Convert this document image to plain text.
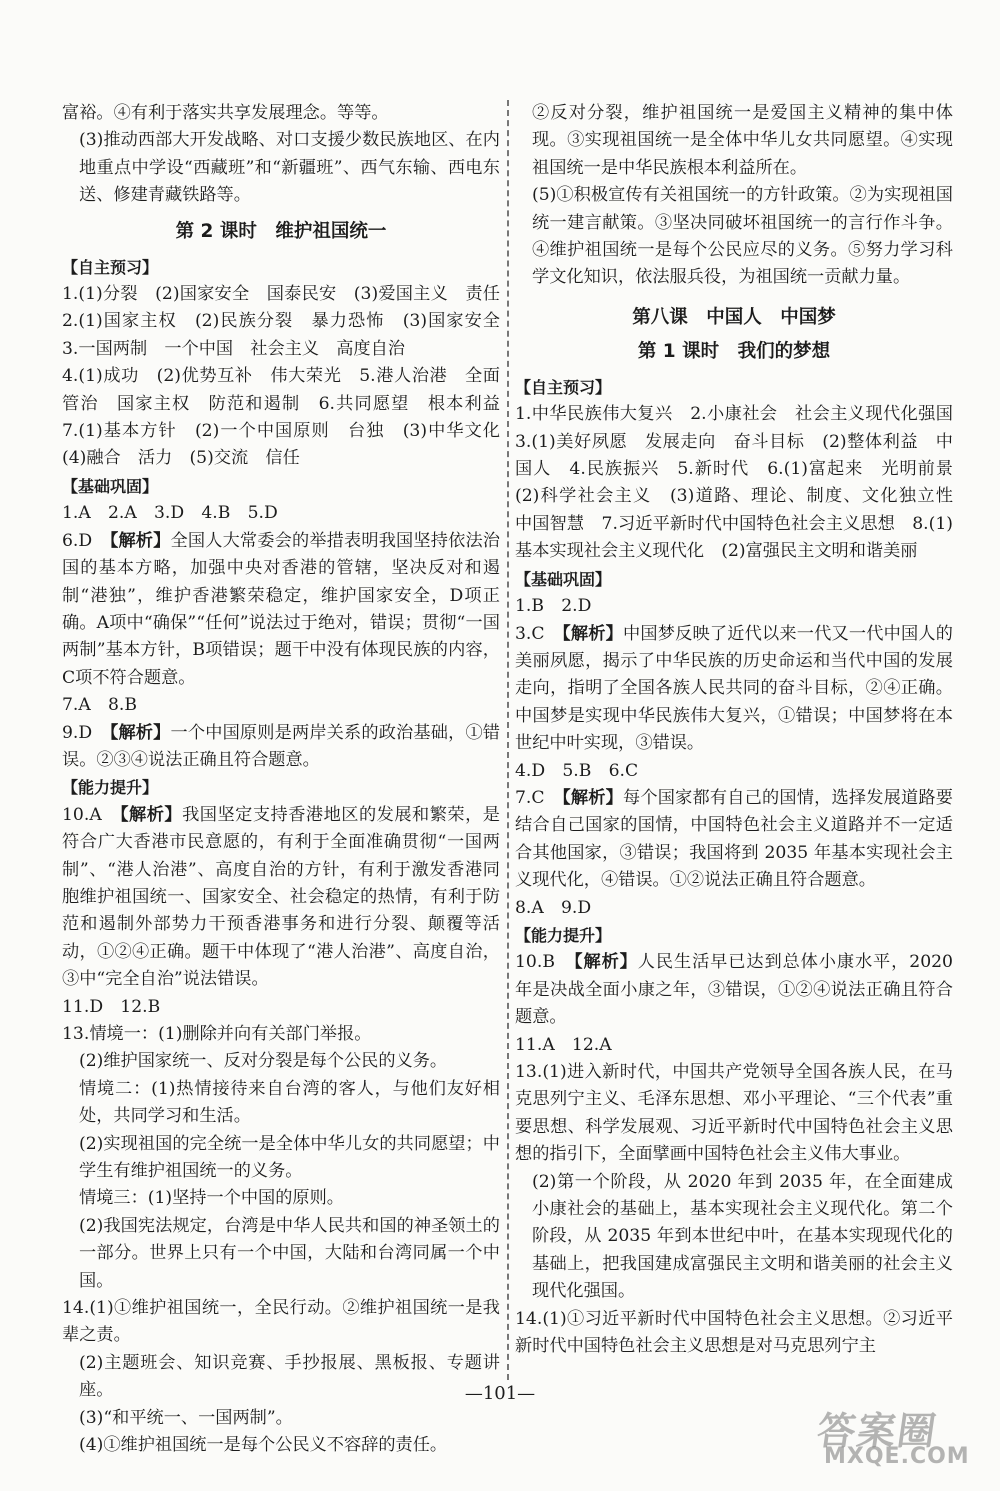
富裕。④有利于落实共享发展理念。等等。

(3)推动西部大开发战略、对口支援少数民族地区、在内地重点中学设“西藏班”和“新疆班”、西气东输、西电东送、修建青藏铁路等。

第 2 课时　维护祖国统一

【自主预习】

1.(1)分裂　(2)国家安全　国泰民安　(3)爱国主义　责任　2.(1)国家主权　(2)民族分裂　暴力恐怖　(3)国家安全　3.一国两制　一个中国　社会主义　高度自治

4.(1)成功　(2)优势互补　伟大荣光　5.港人治港　全面管治　国家主权　防范和遏制　6.共同愿望　根本利益　7.(1)基本方针　(2)一个中国原则　台独　(3)中华文化　(4)融合　活力　(5)交流　信任

【基础巩固】

1.A　2.A　3.D　4.B　5.D

6.D　【解析】全国人大常委会的举措表明我国坚持依法治国的基本方略，加强中央对香港的管辖，坚决反对和遏制“港独”，维护香港繁荣稳定，维护国家安全，D项正确。A项中“确保”“任何”说法过于绝对，错误；贯彻“一国两制”基本方针，B项错误；题干中没有体现民族的内容，C项不符合题意。

7.A　8.B

9.D　【解析】一个中国原则是两岸关系的政治基础，①错误。②③④说法正确且符合题意。

【能力提升】

10.A　【解析】我国坚定支持香港地区的发展和繁荣，是符合广大香港市民意愿的，有利于全面准确贯彻“一国两制”、“港人治港”、高度自治的方针，有利于激发香港同胞维护祖国统一、国家安全、社会稳定的热情，有利于防范和遏制外部势力干预香港事务和进行分裂、颠覆等活动，①②④正确。题干中体现了“港人治港”、高度自治，③中“完全自治”说法错误。

11.D　12.B

13.情境一：(1)删除并向有关部门举报。

(2)维护国家统一、反对分裂是每个公民的义务。

情境二：(1)热情接待来自台湾的客人，与他们友好相处，共同学习和生活。

(2)实现祖国的完全统一是全体中华儿女的共同愿望；中学生有维护祖国统一的义务。

情境三：(1)坚持一个中国的原则。

(2)我国宪法规定，台湾是中华人民共和国的神圣领土的一部分。世界上只有一个中国，大陆和台湾同属一个中国。

14.(1)①维护祖国统一，全民行动。②维护祖国统一是我辈之责。

(2)主题班会、知识竞赛、手抄报展、黑板报、专题讲座。

(3)“和平统一、一国两制”。

(4)①维护祖国统一是每个公民义不容辞的责任。

②反对分裂，维护祖国统一是爱国主义精神的集中体现。③实现祖国统一是全体中华儿女共同愿望。④实现祖国统一是中华民族根本利益所在。

(5)①积极宣传有关祖国统一的方针政策。②为实现祖国统一建言献策。③坚决同破坏祖国统一的言行作斗争。④维护祖国统一是每个公民应尽的义务。⑤努力学习科学文化知识，依法服兵役，为祖国统一贡献力量。

第八课　中国人　中国梦
第 1 课时　我们的梦想

【自主预习】

1.中华民族伟大复兴　2.小康社会　社会主义现代化强国　3.(1)美好夙愿　发展走向　奋斗目标　(2)整体利益　中国人　4.民族振兴　5.新时代　6.(1)富起来　光明前景　(2)科学社会主义　(3)道路、理论、制度、文化独立性　中国智慧　7.习近平新时代中国特色社会主义思想　8.(1)基本实现社会主义现代化　(2)富强民主文明和谐美丽

【基础巩固】

1.B　2.D

3.C　【解析】中国梦反映了近代以来一代又一代中国人的美丽夙愿，揭示了中华民族的历史命运和当代中国的发展走向，指明了全国各族人民共同的奋斗目标，②④正确。中国梦是实现中华民族伟大复兴，①错误；中国梦将在本世纪中叶实现，③错误。

4.D　5.B　6.C

7.C　【解析】每个国家都有自己的国情，选择发展道路要结合自己国家的国情，中国特色社会主义道路并不一定适合其他国家，③错误；我国将到 2035 年基本实现社会主义现代化，④错误。①②说法正确且符合题意。

8.A　9.D

【能力提升】

10.B　【解析】人民生活早已达到总体小康水平，2020 年是决战全面小康之年，③错误，①②④说法正确且符合题意。

11.A　12.A

13.(1)进入新时代，中国共产党领导全国各族人民，在马克思列宁主义、毛泽东思想、邓小平理论、“三个代表”重要思想、科学发展观、习近平新时代中国特色社会主义思想的指引下，全面擘画中国特色社会主义伟大事业。

(2)第一个阶段，从 2020 年到 2035 年，在全面建成小康社会的基础上，基本实现社会主义现代化。第二个阶段，从 2035 年到本世纪中叶，在基本实现现代化的基础上，把我国建成富强民主文明和谐美丽的社会主义现代化强国。

14.(1)①习近平新时代中国特色社会主义思想。②习近平新时代中国特色社会主义思想是对马克思列宁主

—101—
答案圈
MXQE.COM
